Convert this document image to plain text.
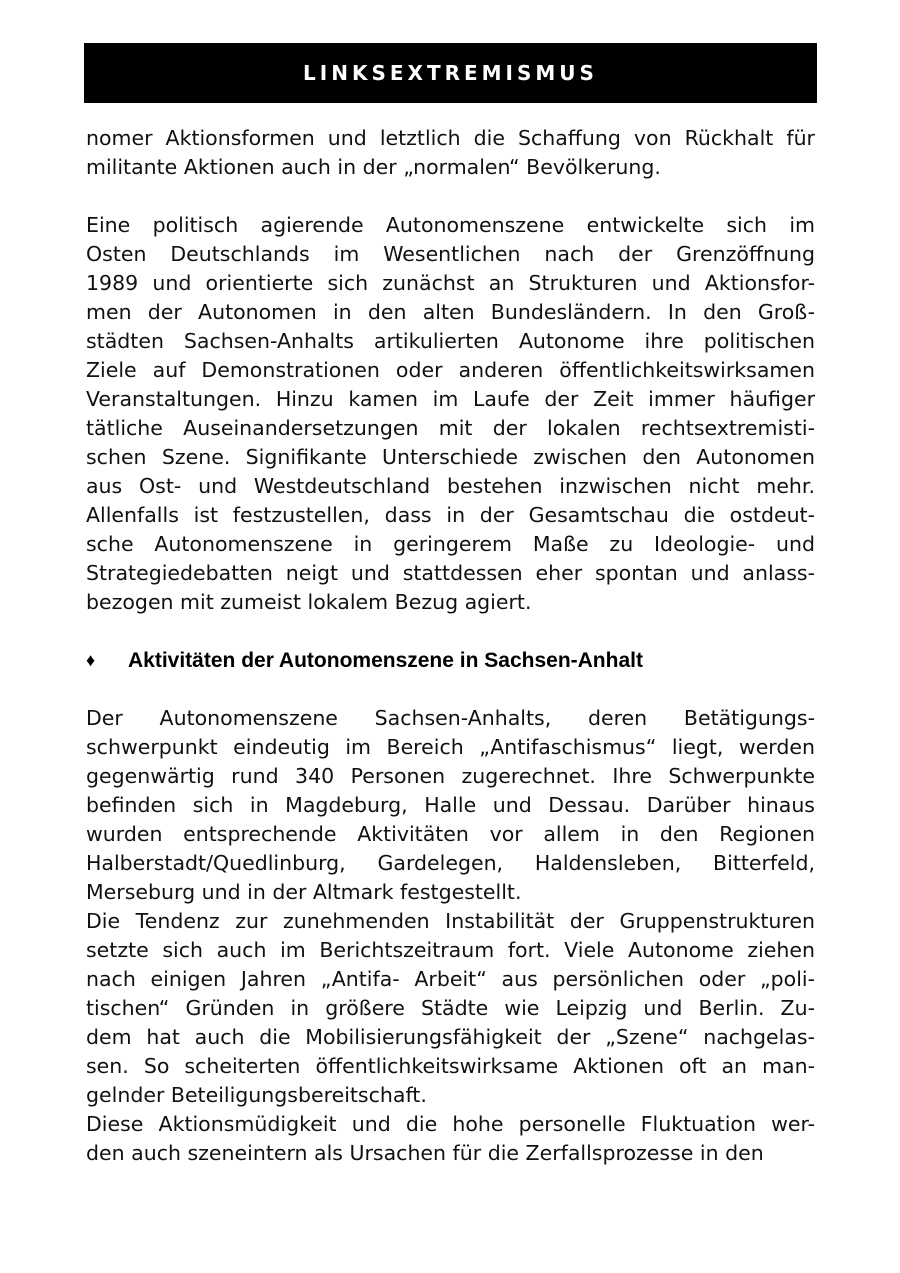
LINKSEXTREMISMUS

nomer Aktionsformen und letztlich die Schaffung von Rückhalt für
militante Aktionen auch in der „normalen“ Bevölkerung.

Eine politisch agierende Autonomenszene entwickelte sich im
Osten Deutschlands im Wesentlichen nach der Grenzöffnung
1989 und orientierte sich zunächst an Strukturen und Aktionsfor-
men der Autonomen in den alten Bundesländern. In den Groß-
städten Sachsen-Anhalts artikulierten Autonome ihre politischen
Ziele auf Demonstrationen oder anderen öffentlichkeitswirksamen
Veranstaltungen. Hinzu kamen im Laufe der Zeit immer häufiger
tätliche Auseinandersetzungen mit der lokalen rechtsextremisti-
schen Szene. Signifikante Unterschiede zwischen den Autonomen
aus Ost- und Westdeutschland bestehen inzwischen nicht mehr.
Allenfalls ist festzustellen, dass in der Gesamtschau die ostdeut-
sche Autonomenszene in geringerem Maße zu Ideologie- und
Strategiedebatten neigt und stattdessen eher spontan und anlass-
bezogen mit zumeist lokalem Bezug agiert.

♦	Aktivitäten der Autonomenszene in Sachsen-Anhalt

Der Autonomenszene Sachsen-Anhalts, deren Betätigungs-
schwerpunkt eindeutig im Bereich „Antifaschismus“ liegt, werden
gegenwärtig rund 340 Personen zugerechnet. Ihre Schwerpunkte
befinden sich in Magdeburg, Halle und Dessau. Darüber hinaus
wurden entsprechende Aktivitäten vor allem in den Regionen
Halberstadt/Quedlinburg, Gardelegen, Haldensleben, Bitterfeld,
Merseburg und in der Altmark festgestellt.

Die Tendenz zur zunehmenden Instabilität der Gruppenstrukturen
setzte sich auch im Berichtszeitraum fort. Viele Autonome ziehen
nach einigen Jahren „Antifa- Arbeit“ aus persönlichen oder „poli-
tischen“ Gründen in größere Städte wie Leipzig und Berlin. Zu-
dem hat auch die Mobilisierungsfähigkeit der „Szene“ nachgelas-
sen. So scheiterten öffentlichkeitswirksame Aktionen oft an man-
gelnder Beteiligungsbereitschaft.

Diese Aktionsmüdigkeit und die hohe personelle Fluktuation wer-
den auch szeneintern als Ursachen für die Zerfallsprozesse in den
